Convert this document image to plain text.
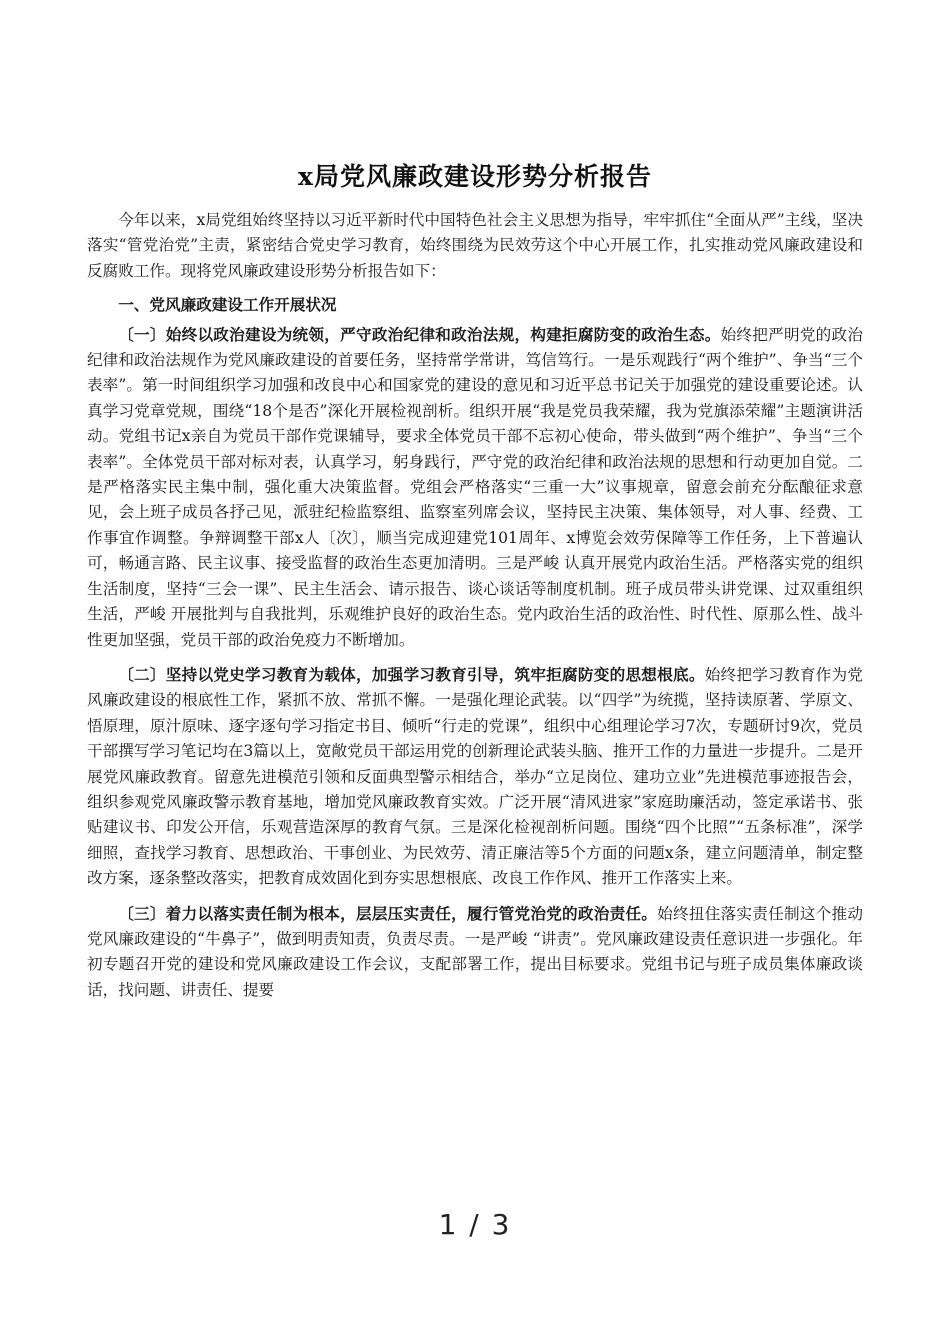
x局党风廉政建设形势分析报告

今年以来，x局党组始终坚持以习近平新时代中国特色社会主义思想为指导，牢牢抓住“全面从严”主线，坚决落实“管党治党”主责，紧密结合党史学习教育，始终围绕为民效劳这个中心开展工作，扎实推动党风廉政建设和反腐败工作。现将党风廉政建设形势分析报告如下：

一、党风廉政建设工作开展状况

〔一〕始终以政治建设为统领，严守政治纪律和政治法规，构建拒腐防变的政治生态。始终把严明党的政治纪律和政治法规作为党风廉政建设的首要任务，坚持常学常讲，笃信笃行。一是乐观践行“两个维护”、争当“三个表率”。第一时间组织学习加强和改良中心和国家党的建设的意见和习近平总书记关于加强党的建设重要论述。认真学习党章党规，围绕“18个是否”深化开展检视剖析。组织开展“我是党员我荣耀，我为党旗添荣耀”主题演讲活动。党组书记x亲自为党员干部作党课辅导，要求全体党员干部不忘初心使命，带头做到“两个维护”、争当“三个表率”。全体党员干部对标对表，认真学习，躬身践行，严守党的政治纪律和政治法规的思想和行动更加自觉。二是严格落实民主集中制，强化重大决策监督。党组会严格落实“三重一大”议事规章，留意会前充分酝酿征求意见，会上班子成员各抒己见，派驻纪检监察组、监察室列席会议，坚持民主决策、集体领导，对人事、经费、工作事宜作调整。争辩调整干部x人〔次〕，顺当完成迎建党101周年、x博览会效劳保障等工作任务，上下普遍认可，畅通言路、民主议事、接受监督的政治生态更加清明。三是严峻 认真开展党内政治生活。严格落实党的组织生活制度，坚持“三会一课”、民主生活会、请示报告、谈心谈话等制度机制。班子成员带头讲党课、过双重组织生活，严峻 开展批判与自我批判，乐观维护良好的政治生态。党内政治生活的政治性、时代性、原那么性、战斗性更加坚强，党员干部的政治免疫力不断增加。

〔二〕坚持以党史学习教育为载体，加强学习教育引导，筑牢拒腐防变的思想根底。始终把学习教育作为党风廉政建设的根底性工作，紧抓不放、常抓不懈。一是强化理论武装。以“四学”为统揽，坚持读原著、学原文、悟原理，原汁原味、逐字逐句学习指定书目、倾听“行走的党课”，组织中心组理论学习7次，专题研讨9次，党员干部撰写学习笔记均在3篇以上，宽敞党员干部运用党的创新理论武装头脑、推开工作的力量进一步提升。二是开展党风廉政教育。留意先进模范引领和反面典型警示相结合，举办“立足岗位、建功立业”先进模范事迹报告会，组织参观党风廉政警示教育基地，增加党风廉政教育实效。广泛开展“清风进家”家庭助廉活动，签定承诺书、张贴建议书、印发公开信，乐观营造深厚的教育气氛。三是深化检视剖析问题。围绕“四个比照”“五条标准”，深学细照，查找学习教育、思想政治、干事创业、为民效劳、清正廉洁等5个方面的问题x条，建立问题清单，制定整改方案，逐条整改落实，把教育成效固化到夯实思想根底、改良工作作风、推开工作落实上来。

〔三〕着力以落实责任制为根本，层层压实责任，履行管党治党的政治责任。始终扭住落实责任制这个推动党风廉政建设的“牛鼻子”，做到明责知责，负责尽责。一是严峻 “讲责”。党风廉政建设责任意识进一步强化。年初专题召开党的建设和党风廉政建设工作会议，支配部署工作，提出目标要求。党组书记与班子成员集体廉政谈话，找问题、讲责任、提要

1 / 3
